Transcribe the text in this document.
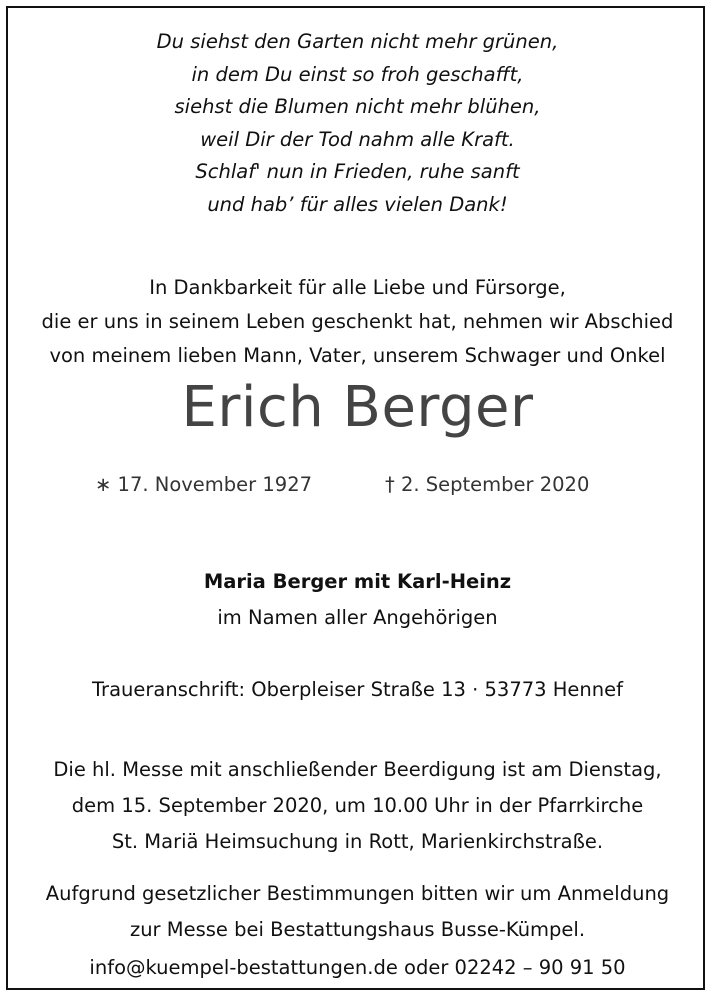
Du siehst den Garten nicht mehr grünen,
in dem Du einst so froh geschafft,
siehst die Blumen nicht mehr blühen,
weil Dir der Tod nahm alle Kraft.
Schlaf' nun in Frieden, ruhe sanft
und hab’ für alles vielen Dank!
In Dankbarkeit für alle Liebe und Fürsorge,
die er uns in seinem Leben geschenkt hat, nehmen wir Abschied
von meinem lieben Mann, Vater, unserem Schwager und Onkel
Erich Berger
∗ 17. November 1927	† 2. September 2020
Maria Berger mit Karl-Heinz
im Namen aller Angehörigen
Traueranschrift: Oberpleiser Straße 13 · 53773 Hennef
Die hl. Messe mit anschließender Beerdigung ist am Dienstag,
dem 15. September 2020, um 10.00 Uhr in der Pfarrkirche
St. Mariä Heimsuchung in Rott, Marienkirchstraße.
Aufgrund gesetzlicher Bestimmungen bitten wir um Anmeldung
zur Messe bei Bestattungshaus Busse-Kümpel.
info@kuempel-bestattungen.de oder 02242 – 90 91 50
